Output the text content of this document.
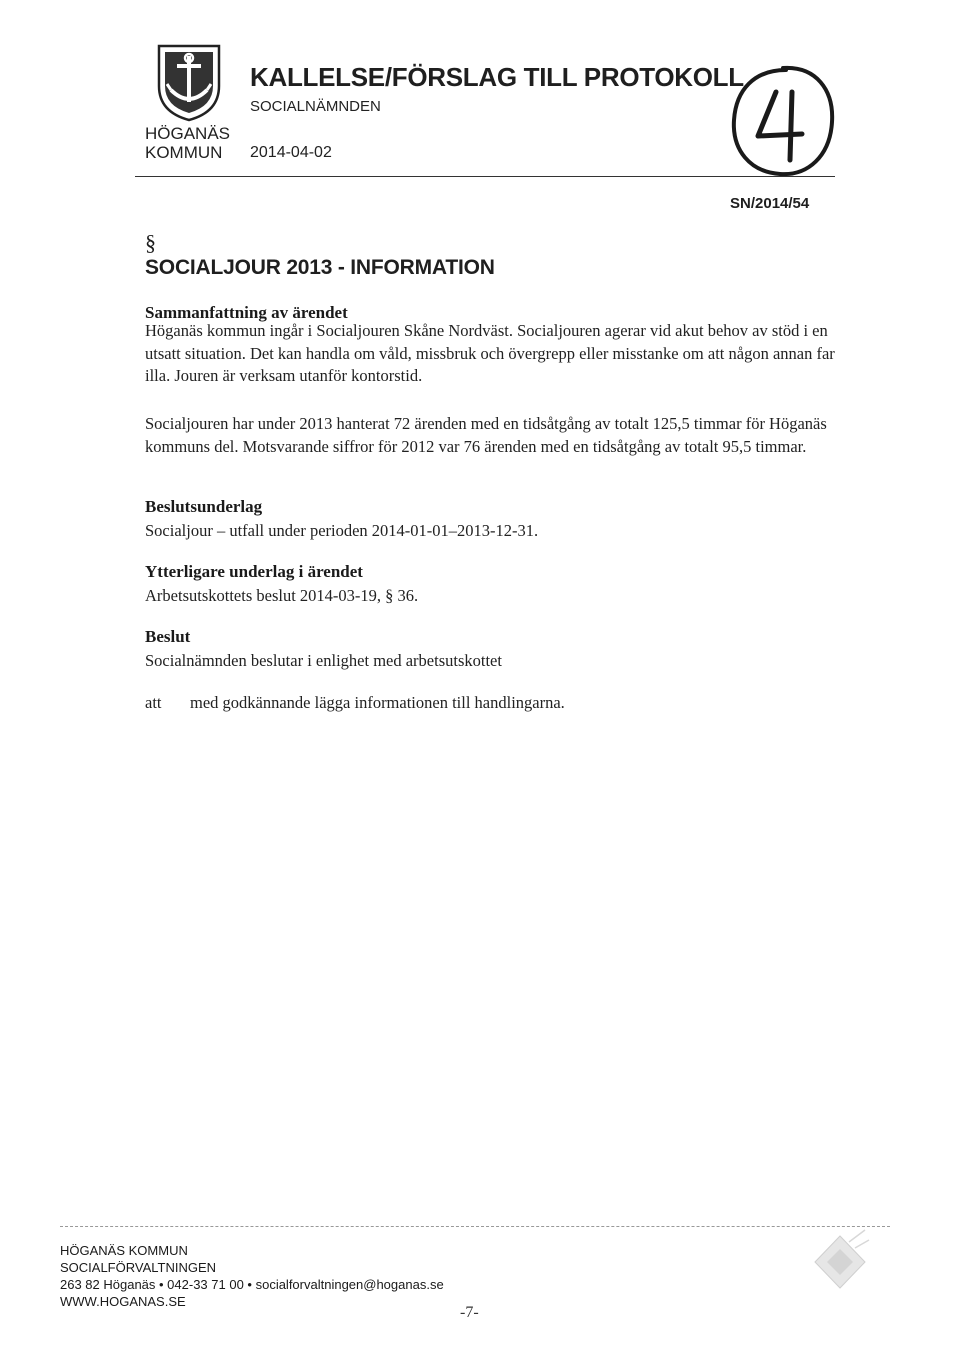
HÖGANÄS
KOMMUN
KALLELSE/FÖRSLAG TILL PROTOKOLL
SOCIALNÄMNDEN
2014-04-02
SN/2014/54
§
SOCIALJOUR 2013 - INFORMATION
Sammanfattning av ärendet
Höganäs kommun ingår i Socialjouren Skåne Nordväst. Socialjouren agerar vid akut behov av stöd i en utsatt situation. Det kan handla om våld, missbruk och övergrepp eller misstanke om att någon annan far illa. Jouren är verksam utanför kontorstid.
Socialjouren har under 2013 hanterat 72 ärenden med en tidsåtgång av totalt 125,5 timmar för Höganäs kommuns del. Motsvarande siffror för 2012 var 76 ärenden med en tidsåtgång av totalt 95,5 timmar.
Beslutsunderlag
Socialjour – utfall under perioden 2014-01-01–2013-12-31.
Ytterligare underlag i ärendet
Arbetsutskottets beslut 2014-03-19, § 36.
Beslut
Socialnämnden beslutar i enlighet med arbetsutskottet
att med godkännande lägga informationen till handlingarna.
HÖGANÄS KOMMUN
SOCIALFÖRVALTNINGEN
263 82 Höganäs • 042-33 71 00 • socialforvaltningen@hoganas.se
WWW.HOGANAS.SE
-7-
